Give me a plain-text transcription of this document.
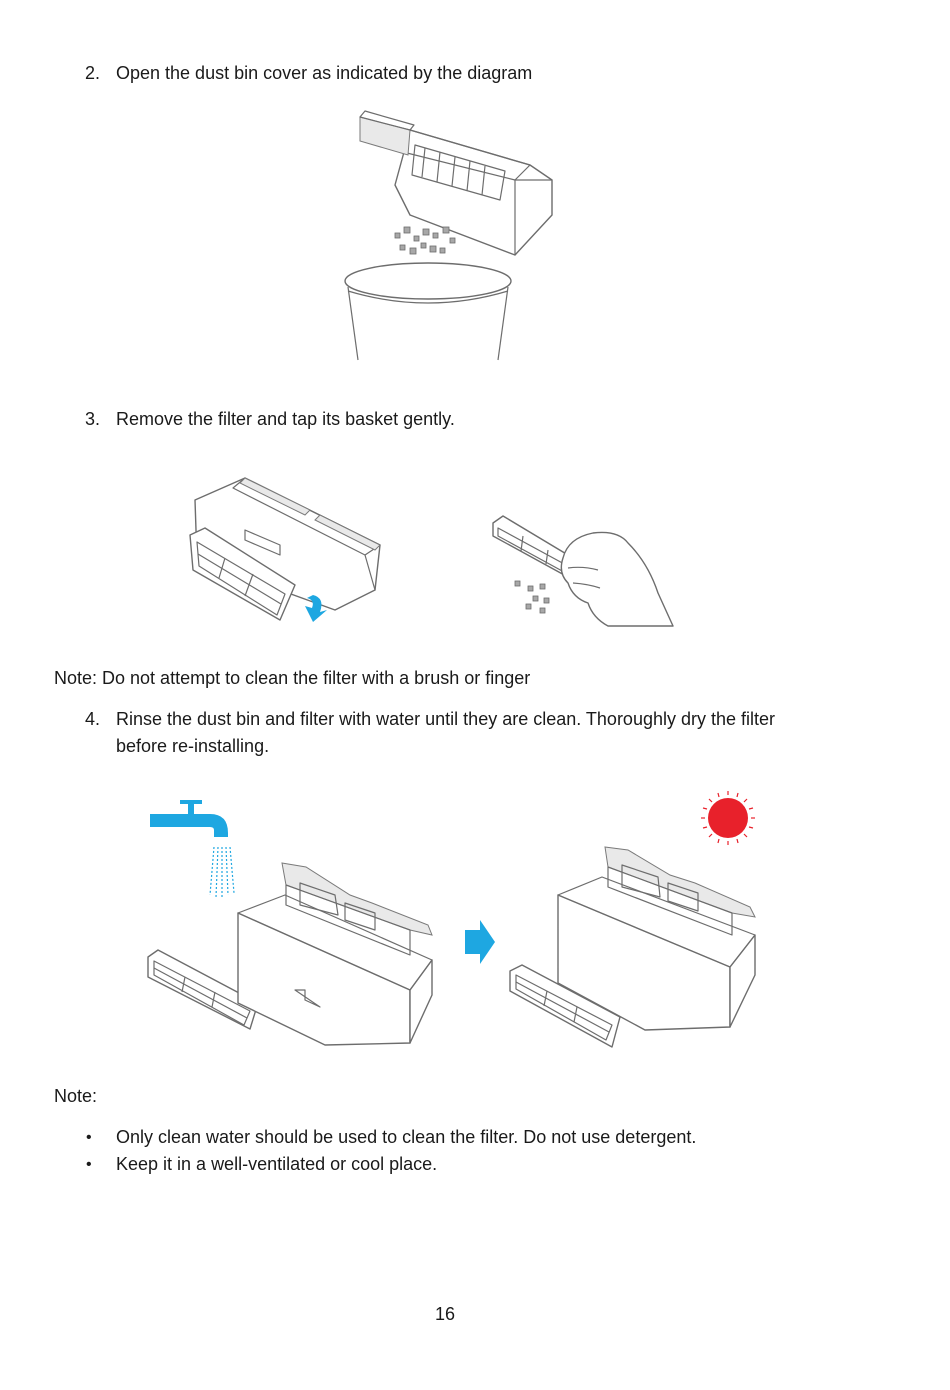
2. Open the dust bin cover as indicated by the diagram
3. Remove the filter and tap its basket gently.
Note: Do not attempt to clean the filter with a brush or finger
4. Rinse the dust bin and filter with water until they are clean. Thoroughly dry the filter
before re-installing.
Note:
• Only clean water should be used to clean the filter. Do not use detergent.
• Keep it in a well-ventilated or cool place.
16
